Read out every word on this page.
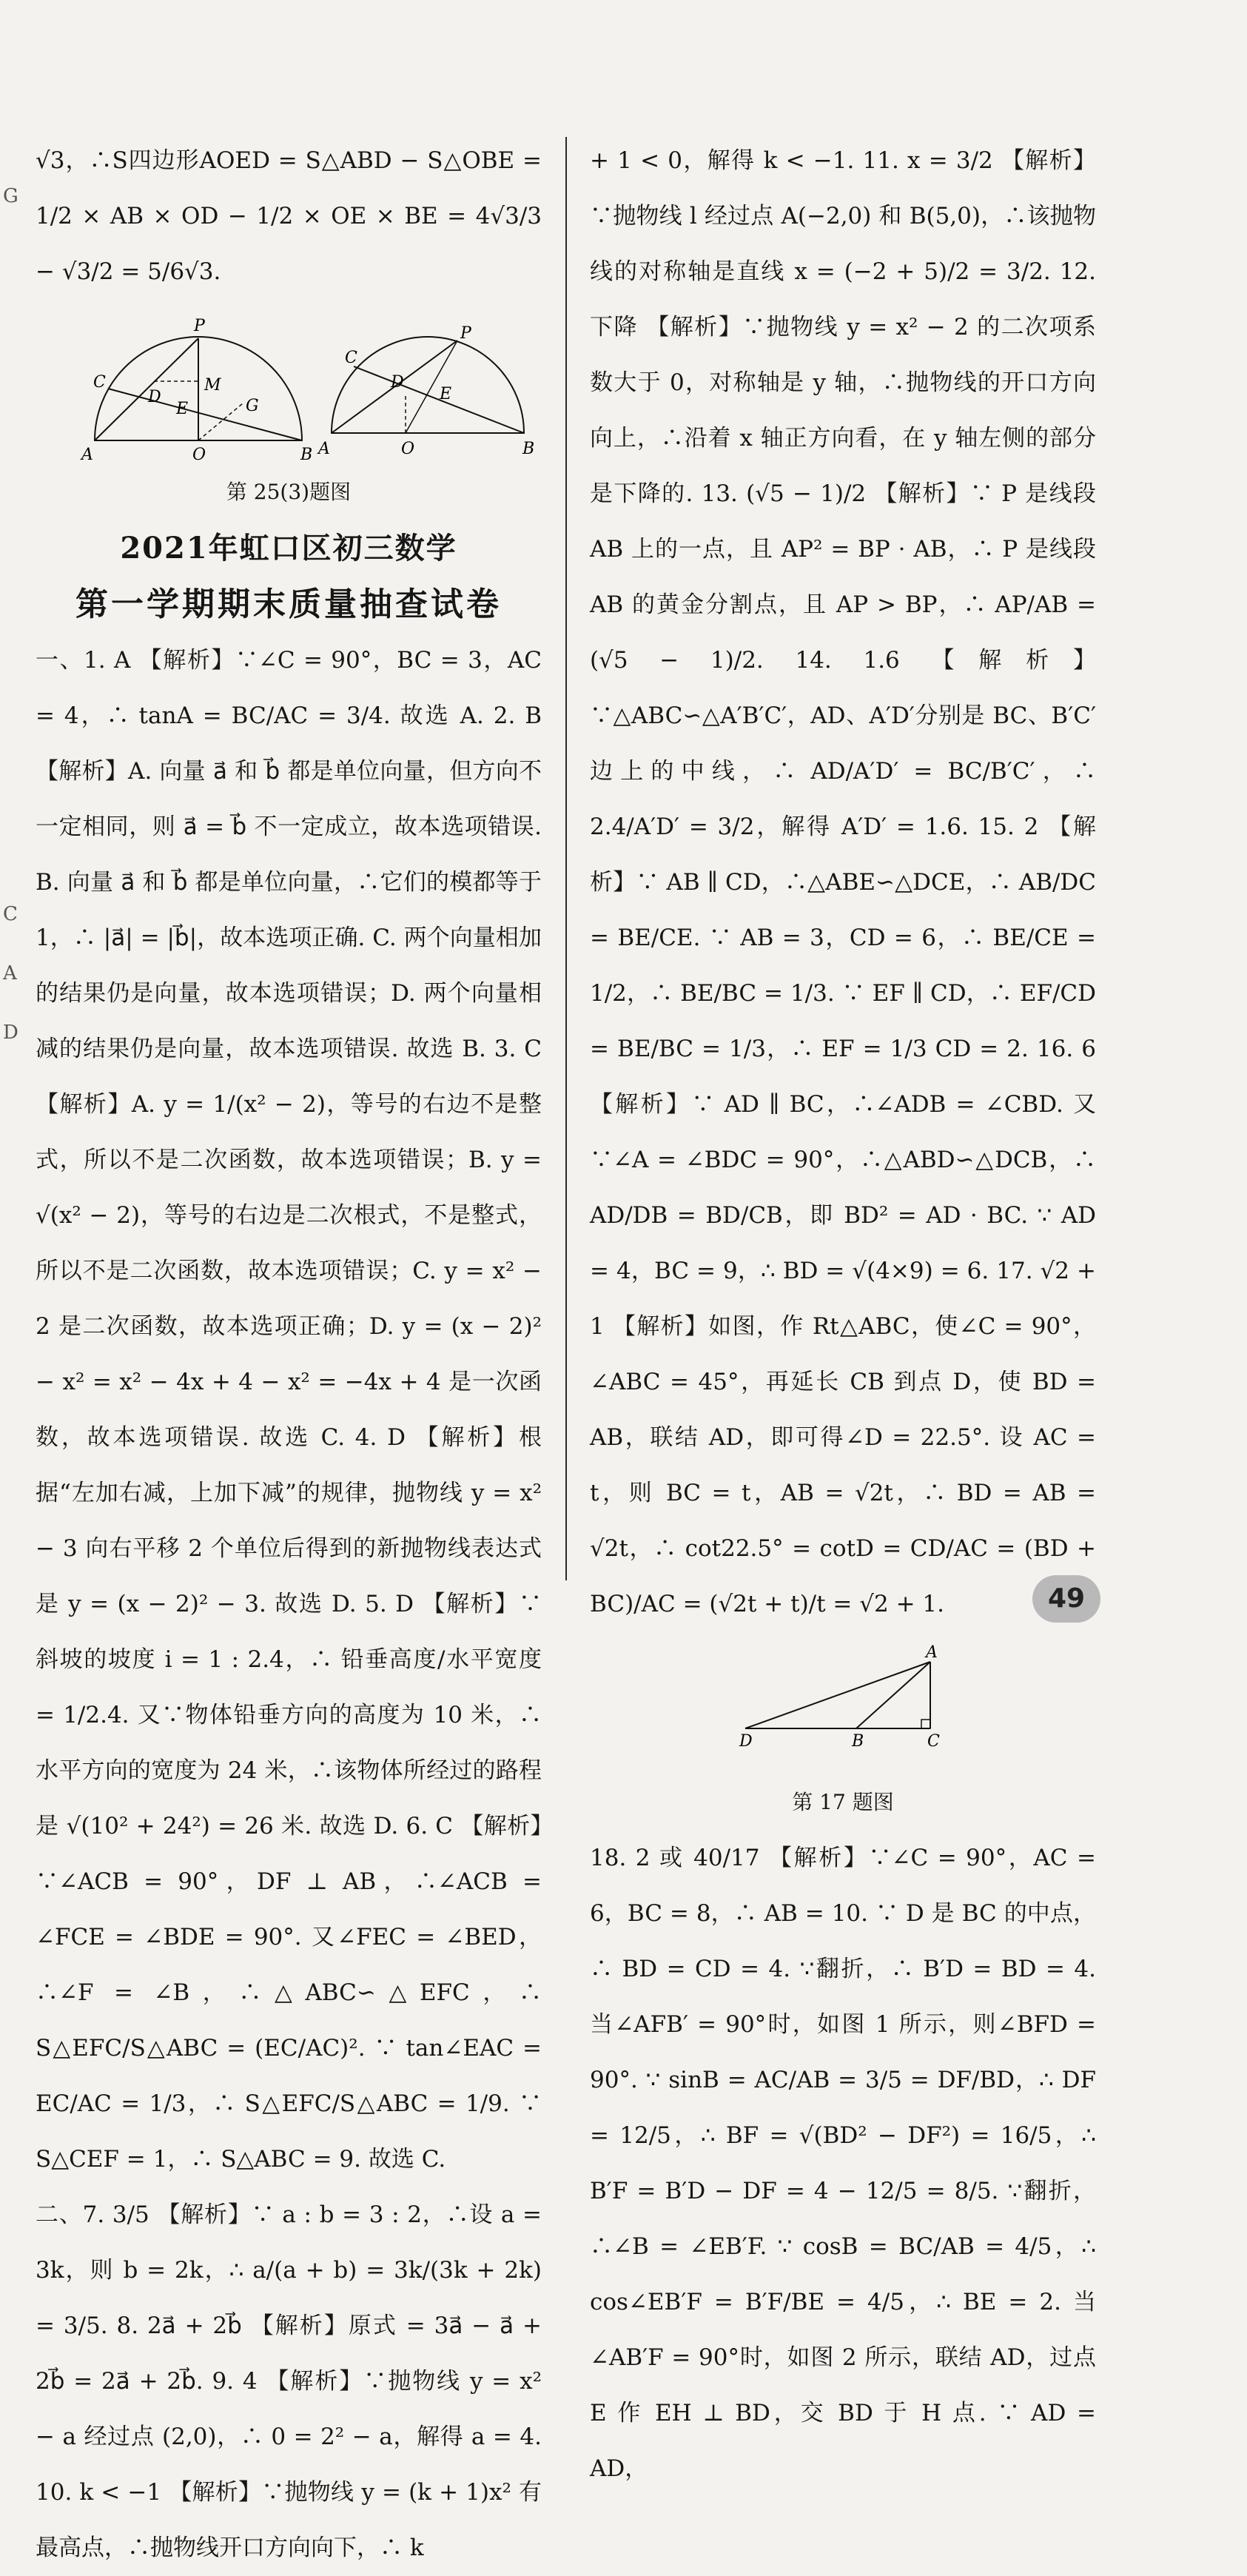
G
C
A
D

√3，∴S四边形AOED = S△ABD − S△OBE = 1/2 × AB × OD − 1/2 × OE × BE = 4√3/3 − √3/2 = 5/6√3.

P
C
D
M
E	G
A	O	B
C
P
D
E
A	O	B
第 25(3)题图
2021年虹口区初三数学
第一学期期末质量抽查试卷

一、1. A 【解析】∵∠C = 90°，BC = 3，AC = 4，∴ tanA = BC/AC = 3/4. 故选 A. 2. B 【解析】A. 向量 a⃗ 和 b⃗ 都是单位向量，但方向不一定相同，则 a⃗ = b⃗ 不一定成立，故本选项错误. B. 向量 a⃗ 和 b⃗ 都是单位向量，∴它们的模都等于 1，∴ |a⃗| = |b⃗|，故本选项正确. C. 两个向量相加的结果仍是向量，故本选项错误；D. 两个向量相减的结果仍是向量，故本选项错误. 故选 B. 3. C 【解析】A. y = 1/(x² − 2)，等号的右边不是整式，所以不是二次函数，故本选项错误；B. y = √(x² − 2)，等号的右边是二次根式，不是整式，所以不是二次函数，故本选项错误；C. y = x² − 2 是二次函数，故本选项正确；D. y = (x − 2)² − x² = x² − 4x + 4 − x² = −4x + 4 是一次函数，故本选项错误. 故选 C. 4. D 【解析】根据“左加右减，上加下减”的规律，抛物线 y = x² − 3 向右平移 2 个单位后得到的新抛物线表达式是 y = (x − 2)² − 3. 故选 D. 5. D 【解析】∵斜坡的坡度 i = 1 : 2.4，∴ 铅垂高度/水平宽度 = 1/2.4. 又∵物体铅垂方向的高度为 10 米，∴水平方向的宽度为 24 米，∴该物体所经过的路程是 √(10² + 24²) = 26 米. 故选 D. 6. C 【解析】∵∠ACB = 90°，DF ⊥ AB，∴∠ACB = ∠FCE = ∠BDE = 90°. 又∠FEC = ∠BED，∴∠F = ∠B，∴△ABC∽△EFC，∴ S△EFC/S△ABC = (EC/AC)². ∵ tan∠EAC = EC/AC = 1/3，∴ S△EFC/S△ABC = 1/9. ∵ S△CEF = 1，∴ S△ABC = 9. 故选 C.

二、7. 3/5 【解析】∵ a : b = 3 : 2，∴设 a = 3k，则 b = 2k，∴ a/(a + b) = 3k/(3k + 2k) = 3/5. 8. 2a⃗ + 2b⃗ 【解析】原式 = 3a⃗ − a⃗ + 2b⃗ = 2a⃗ + 2b⃗. 9. 4 【解析】∵抛物线 y = x² − a 经过点 (2,0)，∴ 0 = 2² − a，解得 a = 4. 10. k < −1 【解析】∵抛物线 y = (k + 1)x² 有最高点，∴抛物线开口方向向下，∴ k

+ 1 < 0，解得 k < −1. 11. x = 3/2 【解析】∵抛物线 l 经过点 A(−2,0) 和 B(5,0)，∴该抛物线的对称轴是直线 x = (−2 + 5)/2 = 3/2. 12. 下降 【解析】∵抛物线 y = x² − 2 的二次项系数大于 0，对称轴是 y 轴，∴抛物线的开口方向向上，∴沿着 x 轴正方向看，在 y 轴左侧的部分是下降的. 13. (√5 − 1)/2 【解析】∵ P 是线段 AB 上的一点，且 AP² = BP · AB，∴ P 是线段 AB 的黄金分割点，且 AP > BP，∴ AP/AB = (√5 − 1)/2. 14. 1.6 【解析】∵△ABC∽△A′B′C′，AD、A′D′分别是 BC、B′C′边上的中线，∴ AD/A′D′ = BC/B′C′，∴ 2.4/A′D′ = 3/2，解得 A′D′ = 1.6. 15. 2 【解析】∵ AB ∥ CD，∴△ABE∽△DCE，∴ AB/DC = BE/CE. ∵ AB = 3，CD = 6，∴ BE/CE = 1/2，∴ BE/BC = 1/3. ∵ EF ∥ CD，∴ EF/CD = BE/BC = 1/3，∴ EF = 1/3 CD = 2. 16. 6 【解析】∵ AD ∥ BC，∴∠ADB = ∠CBD. 又∵∠A = ∠BDC = 90°，∴△ABD∽△DCB，∴ AD/DB = BD/CB，即 BD² = AD · BC. ∵ AD = 4，BC = 9，∴ BD = √(4×9) = 6. 17. √2 + 1 【解析】如图，作 Rt△ABC，使∠C = 90°，∠ABC = 45°，再延长 CB 到点 D，使 BD = AB，联结 AD，即可得∠D = 22.5°. 设 AC = t，则 BC = t，AB = √2t，∴ BD = AB = √2t，∴ cot22.5° = cotD = CD/AC = (BD + BC)/AC = (√2t + t)/t = √2 + 1.

A
D	B	C
第 17 题图

18. 2 或 40/17 【解析】∵∠C = 90°，AC = 6，BC = 8，∴ AB = 10. ∵ D 是 BC 的中点，∴ BD = CD = 4. ∵翻折，∴ B′D = BD = 4. 当∠AFB′ = 90°时，如图 1 所示，则∠BFD = 90°. ∵ sinB = AC/AB = 3/5 = DF/BD，∴ DF = 12/5，∴ BF = √(BD² − DF²) = 16/5，∴ B′F = B′D − DF = 4 − 12/5 = 8/5. ∵翻折，∴∠B = ∠EB′F. ∵ cosB = BC/AB = 4/5，∴ cos∠EB′F = B′F/BE = 4/5，∴ BE = 2. 当∠AB′F = 90°时，如图 2 所示，联结 AD，过点 E 作 EH ⊥ BD，交 BD 于 H 点. ∵ AD = AD，

49
